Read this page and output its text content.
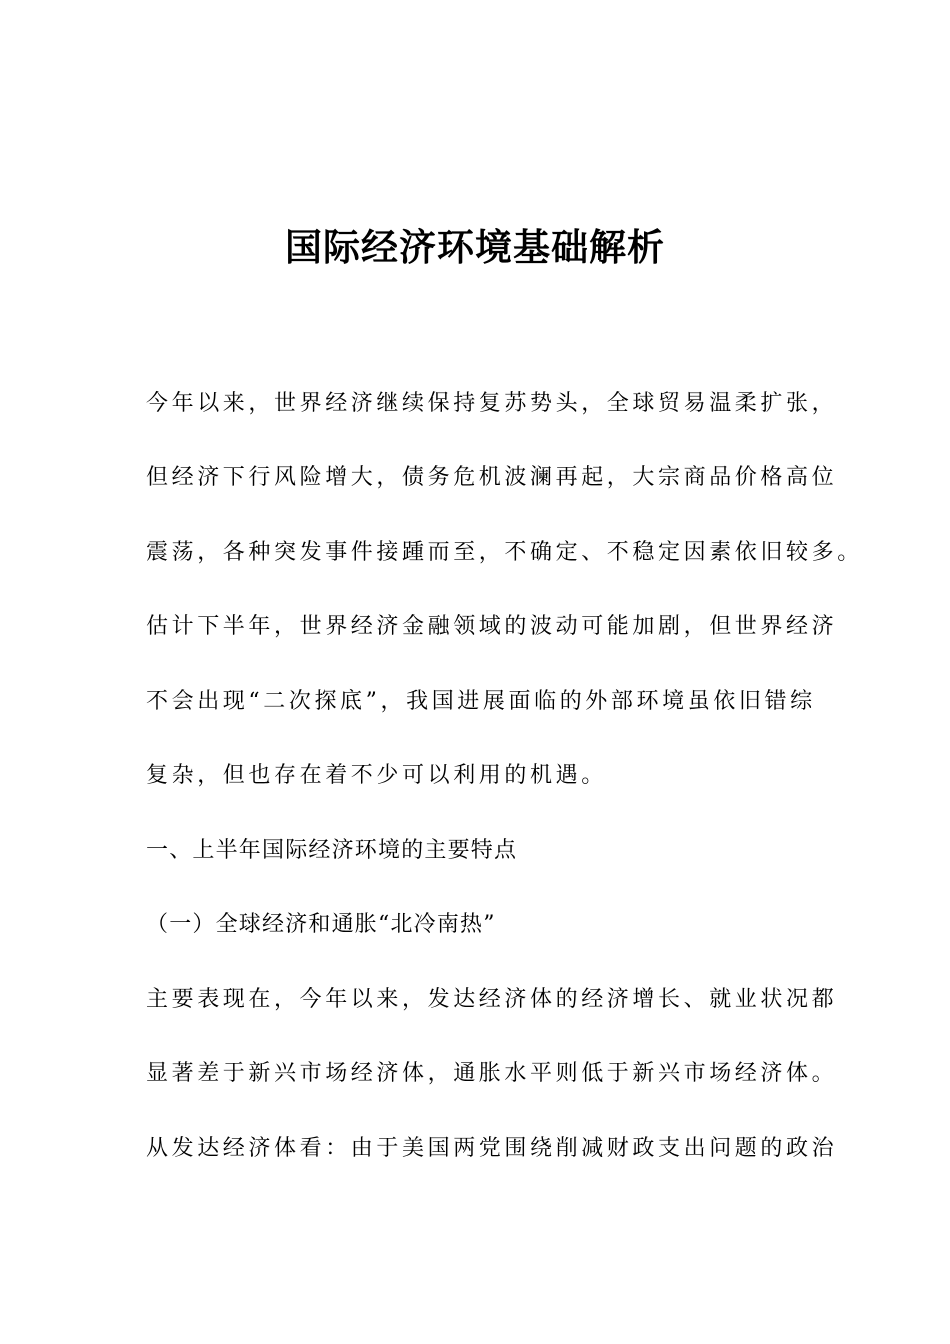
国际经济环境基础解析

今年以来，世界经济继续保持复苏势头，全球贸易温柔扩张，

但经济下行风险增大，债务危机波澜再起，大宗商品价格高位

震荡，各种突发事件接踵而至，不确定、不稳定因素依旧较多。

估计下半年，世界经济金融领域的波动可能加剧，但世界经济

不会出现“二次探底”，我国进展面临的外部环境虽依旧错综

复杂，但也存在着不少可以利用的机遇。

一、上半年国际经济环境的主要特点

（一）全球经济和通胀“北冷南热”

主要表现在，今年以来，发达经济体的经济增长、就业状况都

显著差于新兴市场经济体，通胀水平则低于新兴市场经济体。

从发达经济体看：由于美国两党围绕削减财政支出问题的政治
